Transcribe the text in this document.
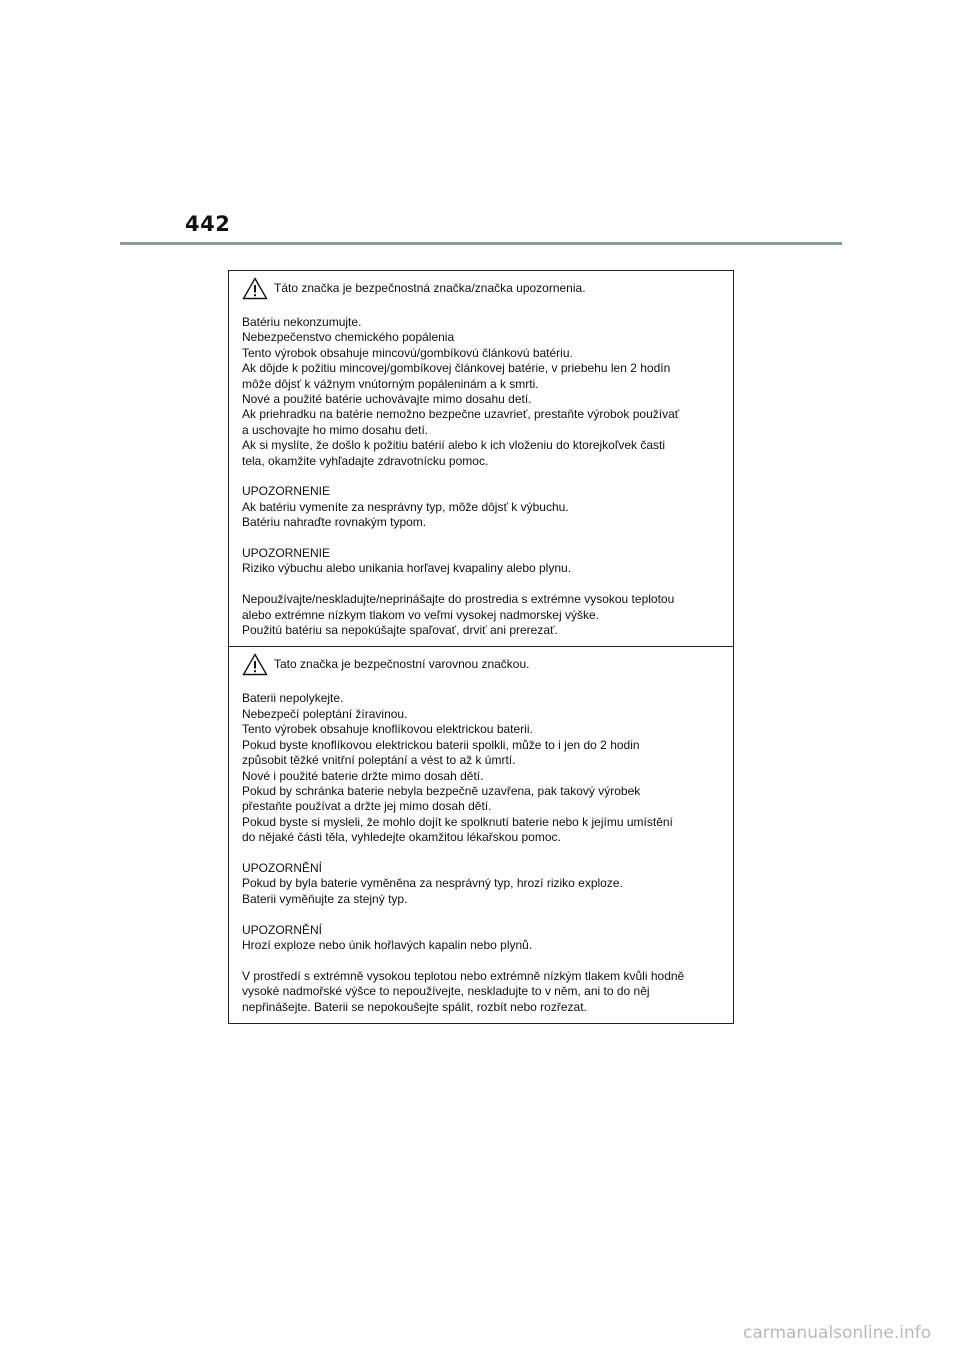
442
Táto značka je bezpečnostná značka/značka upozornenia.
Batériu nekonzumujte.
Nebezpečenstvo chemického popálenia
Tento výrobok obsahuje mincovú/gombíkovú článkovú batériu.
Ak dôjde k požitiu mincovej/gombíkovej článkovej batérie, v priebehu len 2 hodín
môže dôjsť k vážnym vnútorným popáleninám a k smrti.
Nové a použité batérie uchovávajte mimo dosahu detí.
Ak priehradku na batérie nemožno bezpečne uzavrieť, prestaňte výrobok používať
a uschovajte ho mimo dosahu detí.
Ak si myslíte, že došlo k požitiu batérií alebo k ich vloženiu do ktorejkoľvek časti
tela, okamžite vyhľadajte zdravotnícku pomoc.
UPOZORNENIE
Ak batériu vymeníte za nesprávny typ, môže dôjsť k výbuchu.
Batériu nahraďte rovnakým typom.
UPOZORNENIE
Riziko výbuchu alebo unikania horľavej kvapaliny alebo plynu.
Nepoužívajte/neskladujte/neprinášajte do prostredia s extrémne vysokou teplotou
alebo extrémne nízkym tlakom vo veľmi vysokej nadmorskej výške.
Použitú batériu sa nepokúšajte spaľovať, drviť ani prerezať.
Tato značka je bezpečnostní varovnou značkou.
Baterii nepolykejte.
Nebezpečí poleptání žíravinou.
Tento výrobek obsahuje knoflíkovou elektrickou baterii.
Pokud byste knoflíkovou elektrickou baterii spolkli, může to i jen do 2 hodin
způsobit těžké vnitřní poleptání a vést to až k úmrtí.
Nové i použité baterie držte mimo dosah dětí.
Pokud by schránka baterie nebyla bezpečně uzavřena, pak takový výrobek
přestaňte používat a držte jej mimo dosah dětí.
Pokud byste si mysleli, že mohlo dojít ke spolknutí baterie nebo k jejímu umístění
do nějaké části těla, vyhledejte okamžitou lékařskou pomoc.
UPOZORNĚNÍ
Pokud by byla baterie vyměněna za nesprávný typ, hrozí riziko exploze.
Baterii vyměňujte za stejný typ.
UPOZORNĚNÍ
Hrozí exploze nebo únik hořlavých kapalin nebo plynů.
V prostředí s extrémně vysokou teplotou nebo extrémně nízkým tlakem kvůli hodně
vysoké nadmořské výšce to nepoužívejte, neskladujte to v něm, ani to do něj
nepřinášejte. Baterii se nepokoušejte spálit, rozbít nebo rozřezat.
carmanualsonline.info
